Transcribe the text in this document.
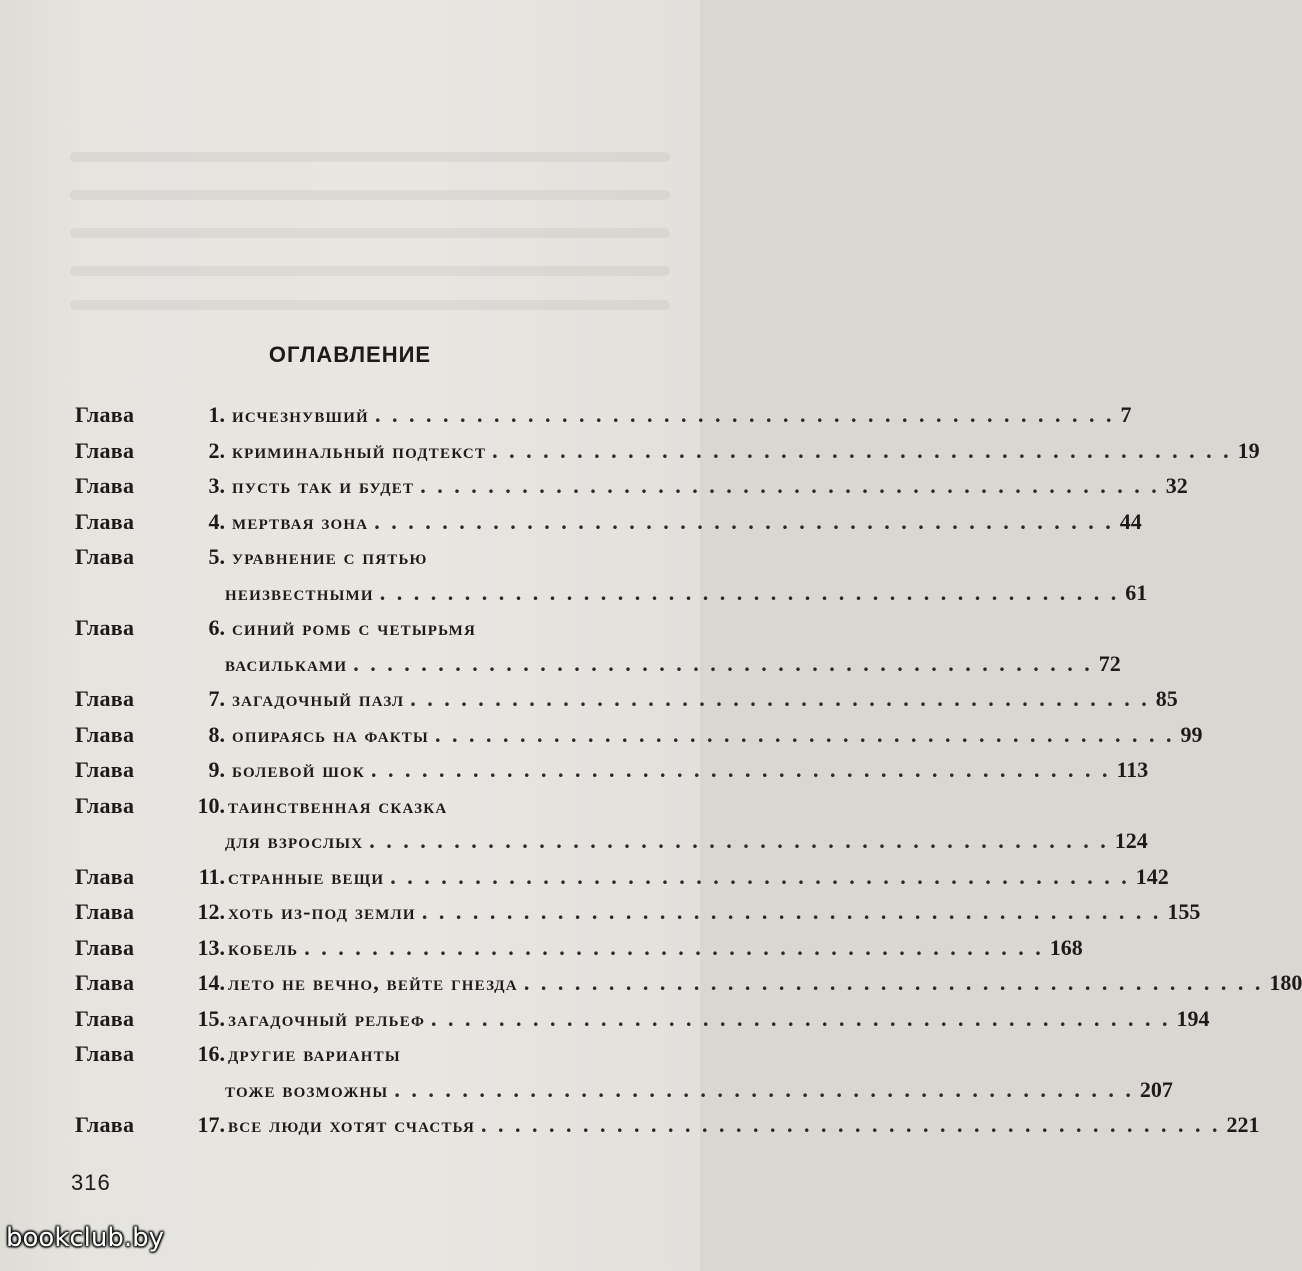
ОГЛАВЛЕНИЕ
Глава	1. исчезнувший . . .	7
Глава	2. криминальный подтекст . . .	19
Глава	3. пусть так и будет . . .	32
Глава	4. мертвая зона . . .	44
Глава	5. уравнение с пятью
неизвестными . . .	61
Глава	6. синий ромб с четырьмя
васильками . . .	72
Глава	7. загадочный пазл . . .	85
Глава	8. опираясь на факты . . .	99
Глава	9. болевой шок . . .	113
Глава	10. таинственная сказка
для взрослых . . .	124
Глава	11. странные вещи . . .	142
Глава	12. хоть из-под земли . . .	155
Глава	13. кобель . . .	168
Глава	14. лето не вечно, вейте гнезда . . .	180
Глава	15. загадочный рельеф . . .	194
Глава	16. другие варианты
тоже возможны . . .	207
Глава	17. все люди хотят счастья . . .	221
316
bookclub.by
